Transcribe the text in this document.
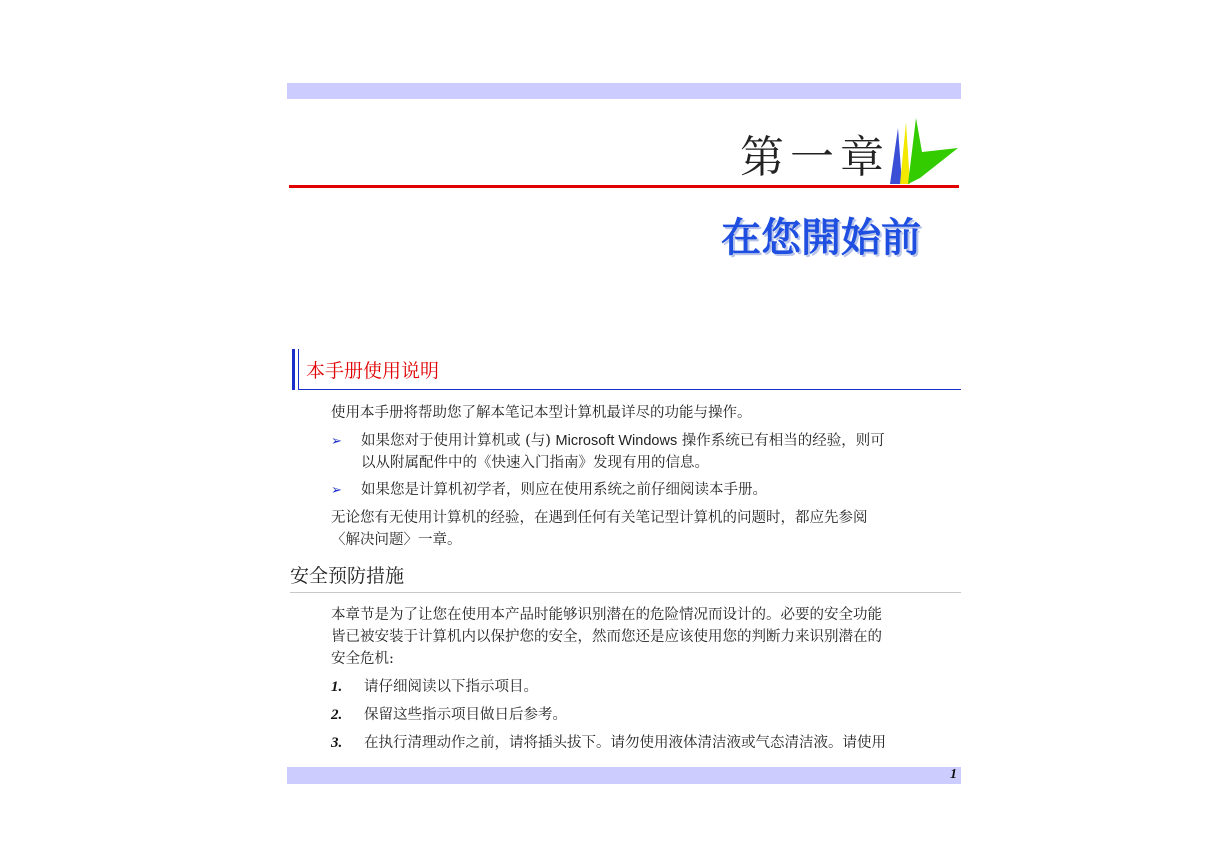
第一章
在您開始前
本手册使用说明
使用本手册将帮助您了解本笔记本型计算机最详尽的功能与操作。
➢ 如果您对于使用计算机或 (与) Microsoft Windows 操作系统已有相当的经验，则可
以从附属配件中的《快速入门指南》发现有用的信息。
➢ 如果您是计算机初学者，则应在使用系统之前仔细阅读本手册。
无论您有无使用计算机的经验，在遇到任何有关笔记型计算机的问题时，都应先参阅
〈解决问题〉一章。
安全预防措施
本章节是为了让您在使用本产品时能够识别潜在的危险情况而设计的。必要的安全功能
皆已被安装于计算机内以保护您的安全，然而您还是应该使用您的判断力来识别潜在的
安全危机:
1. 请仔细阅读以下指示项目。
2. 保留这些指示项目做日后参考。
3. 在执行清理动作之前，请将插头拔下。请勿使用液体清洁液或气态清洁液。请使用
1
